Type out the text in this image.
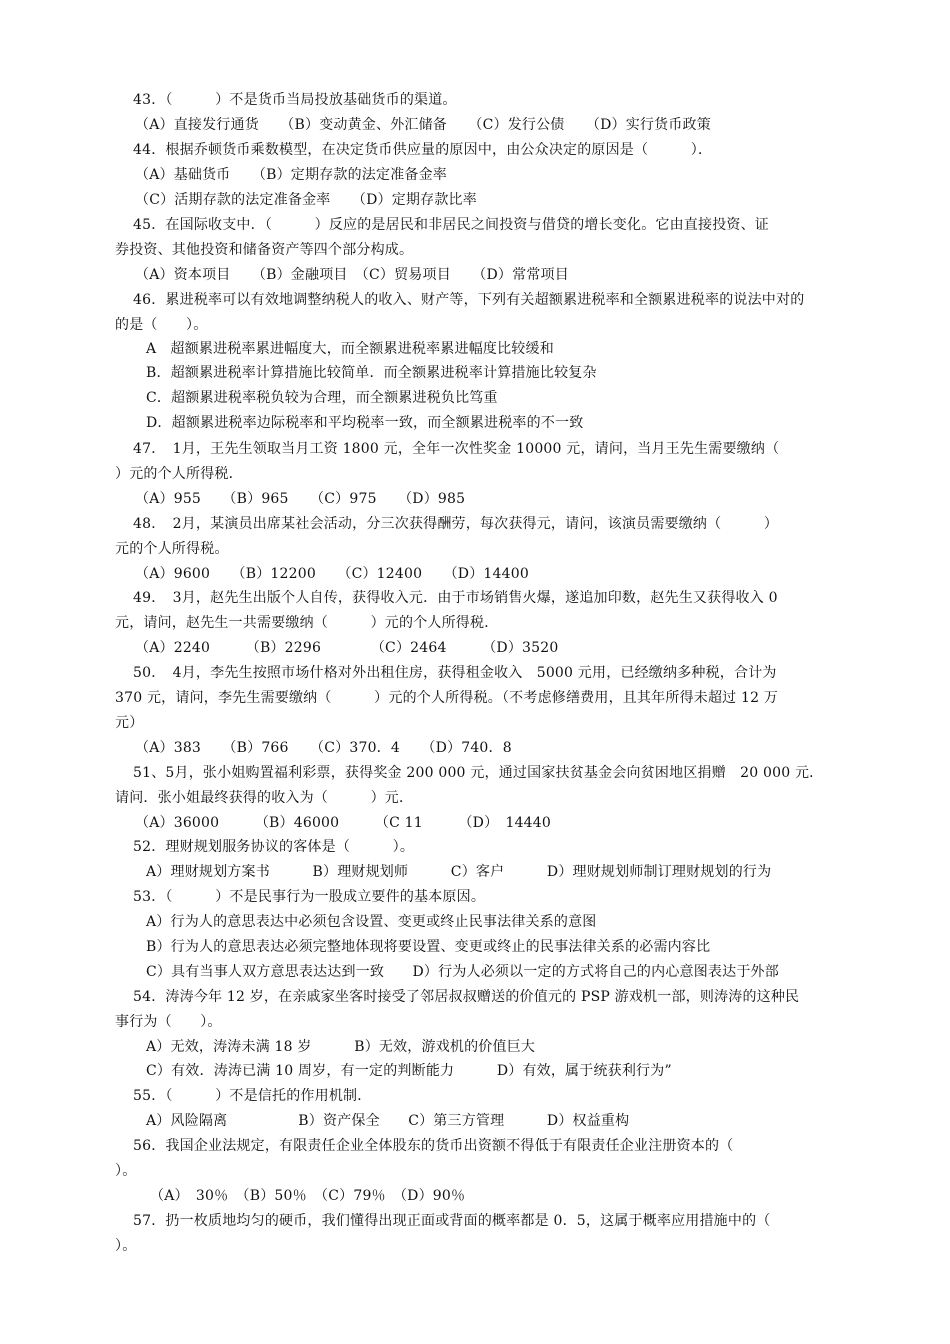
43．（　　　）不是货币当局投放基础货币的渠道。
（A）直接发行通货　　（B）变动黄金、外汇储备　　（C）发行公债　　（D）实行货币政策
44．根据乔顿货币乘数模型，在决定货币供应量的原因中，由公众决定的原因是（　　　）．
（A）基础货币　　（B）定期存款的法定准备金率
（C）活期存款的法定准备金率　　（D）定期存款比率
45．在国际收支中．（　　　）反应的是居民和非居民之间投资与借贷的增长变化。它由直接投资、证
券投资、其他投资和储备资产等四个部分构成。
（A）资本项目　　（B）金融项目　（C）贸易项目　　（D）常常项目
46．累进税率可以有效地调整纳税人的收入、财产等，下列有关超额累进税率和全额累进税率的说法中对的
的是（　　）。
A　超额累进税率累进幅度大，而全额累进税率累进幅度比较缓和
B．超额累进税率计算措施比较简单．而全额累进税率计算措施比较复杂
C．超额累进税率税负较为合理，而全额累进税负比笃重
D．超额累进税率边际税率和平均税率一致，而全额累进税率的不一致
47．　1月，王先生领取当月工资 1800 元，全年一次性奖金 10000 元，请问，当月王先生需要缴纳（
）元的个人所得税．
（A）955　　（B）965　　（C）975　　（D）985
48．　2月，某演员出席某社会活动，分三次获得酬劳，每次获得元，请问，该演员需要缴纳（　　　）
元的个人所得税。
（A）9600　　（B）12200　　（C）12400　　（D）14400
49．　3月，赵先生出版个人自传，获得收入元．由于市场销售火爆，遂追加印数，赵先生又获得收入 0
元，请问，赵先生一共需要缴纳（　　　）元的个人所得税．
（A）2240　　　（B）2296　　　　（C）2464　　　（D）3520
50．　4月，李先生按照市场什格对外出租住房，获得租金收入　5000 元用，已经缴纳多种税，合计为
370 元，请问，李先生需要缴纳（　　　）元的个人所得税。（不考虑修缮费用，且其年所得未超过 12 万
元）
（A）383　　（B）766　　（C）370．4　　（D）740．8
51、5月，张小姐购置福利彩票，获得奖金 200 000 元，通过国家扶贫基金会向贫困地区捐赠　20 000 元．
请问．张小姐最终获得的收入为（　　　）元．
（A）36000　　　（B）46000　　　（C 11　　　（D）　14440
52．理财规划服务协议的客体是（　　　）。
A）理财规划方案书　　　B）理财规划师　　　C）客户　　　D）理财规划师制订理财规划的行为
53．（　　　）不是民事行为一股成立要件的基本原因。
A）行为人的意思表达中必须包含设置、变更或终止民事法律关系的意图
B）行为人的意思表达必须完整地体现将要设置、变更或终止的民事法律关系的必需内容比
C）具有当事人双方意思表达达到一致　　D）行为人必须以一定的方式将自己的内心意图表达于外部
54．涛涛今年 12 岁，在亲戚家坐客时接受了邻居叔叔赠送的价值元的 PSP 游戏机一部，则涛涛的这种民
事行为（　　）。
A）无效，涛涛未满 18 岁　　　B）无效，游戏机的价值巨大
C）有效．涛涛已满 10 周岁，有一定的判断能力　　　D）有效，属于统获利行为”
55．（　　　）不是信托的作用机制．
A）风险隔离　　　　　B）资产保全　　C）第三方管理　　　D）权益重构
56．我国企业法规定，有限责任企业全体股东的货币出资额不得低于有限责任企业注册资本的（
）。
（A）　30％　（B）50％　（C）79％　（D）90％
57．扔一枚质地均匀的硬币，我们懂得出现正面或背面的概率都是 0．5，这属于概率应用措施中的（
）。
